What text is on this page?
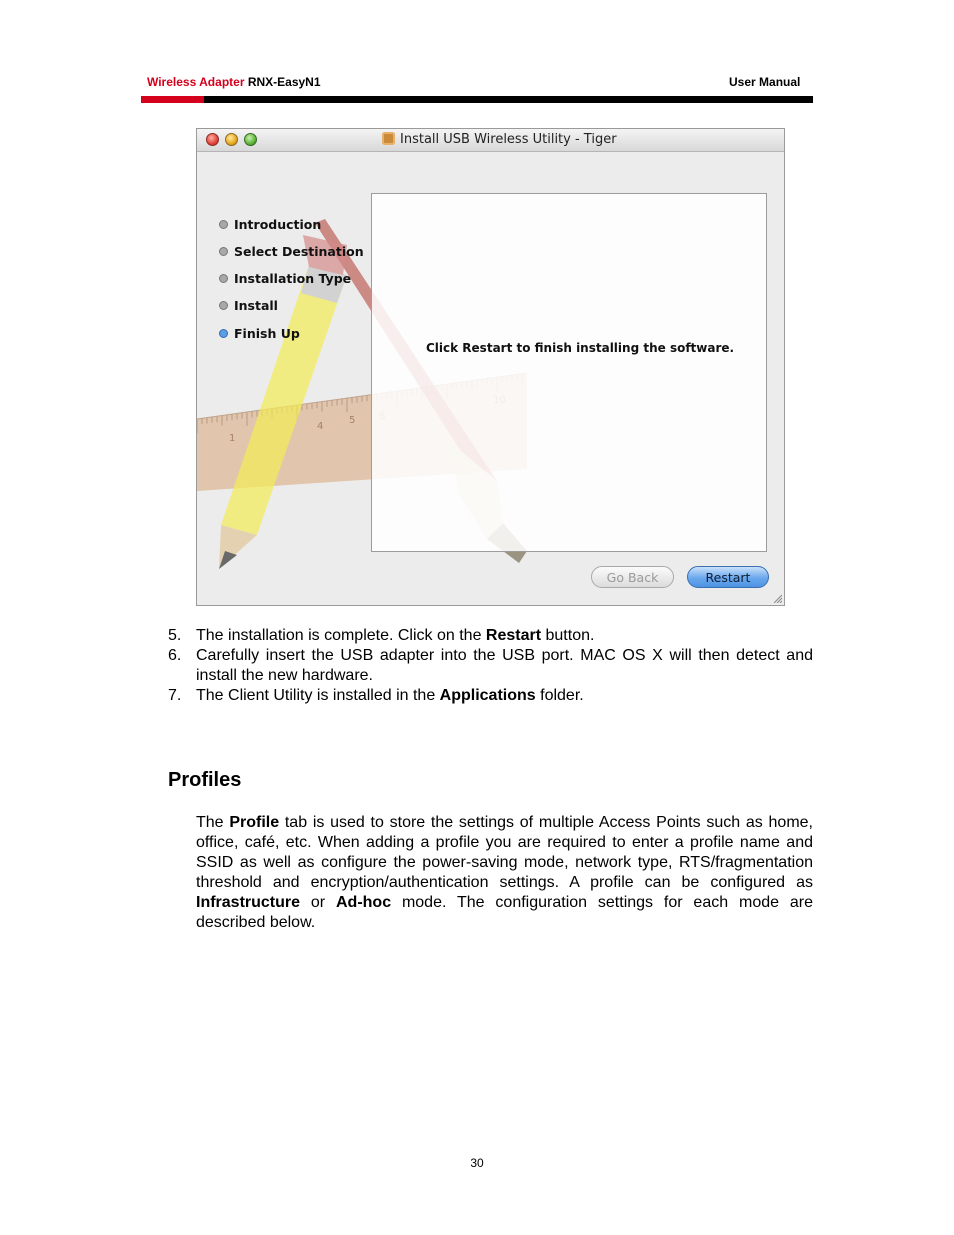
Wireless Adapter RNX-EasyN1	User Manual
Install USB Wireless Utility - Tiger
1
4
5
Introduction
Select Destination
Installation Type
Install
Finish Up
Click Restart to finish installing the software.
Go Back	Restart
5. The installation is complete. Click on the Restart button.
6. Carefully insert the USB adapter into the USB port. MAC OS X will then detect and install the new hardware.
7. The Client Utility is installed in the Applications folder.
Profiles
The Profile tab is used to store the settings of multiple Access Points such as home, office, café, etc. When adding a profile you are required to enter a profile name and SSID as well as configure the power-saving mode, network type, RTS/fragmentation threshold and encryption/authentication settings. A profile can be configured as Infrastructure or Ad-hoc mode. The configuration settings for each mode are described below.
30
